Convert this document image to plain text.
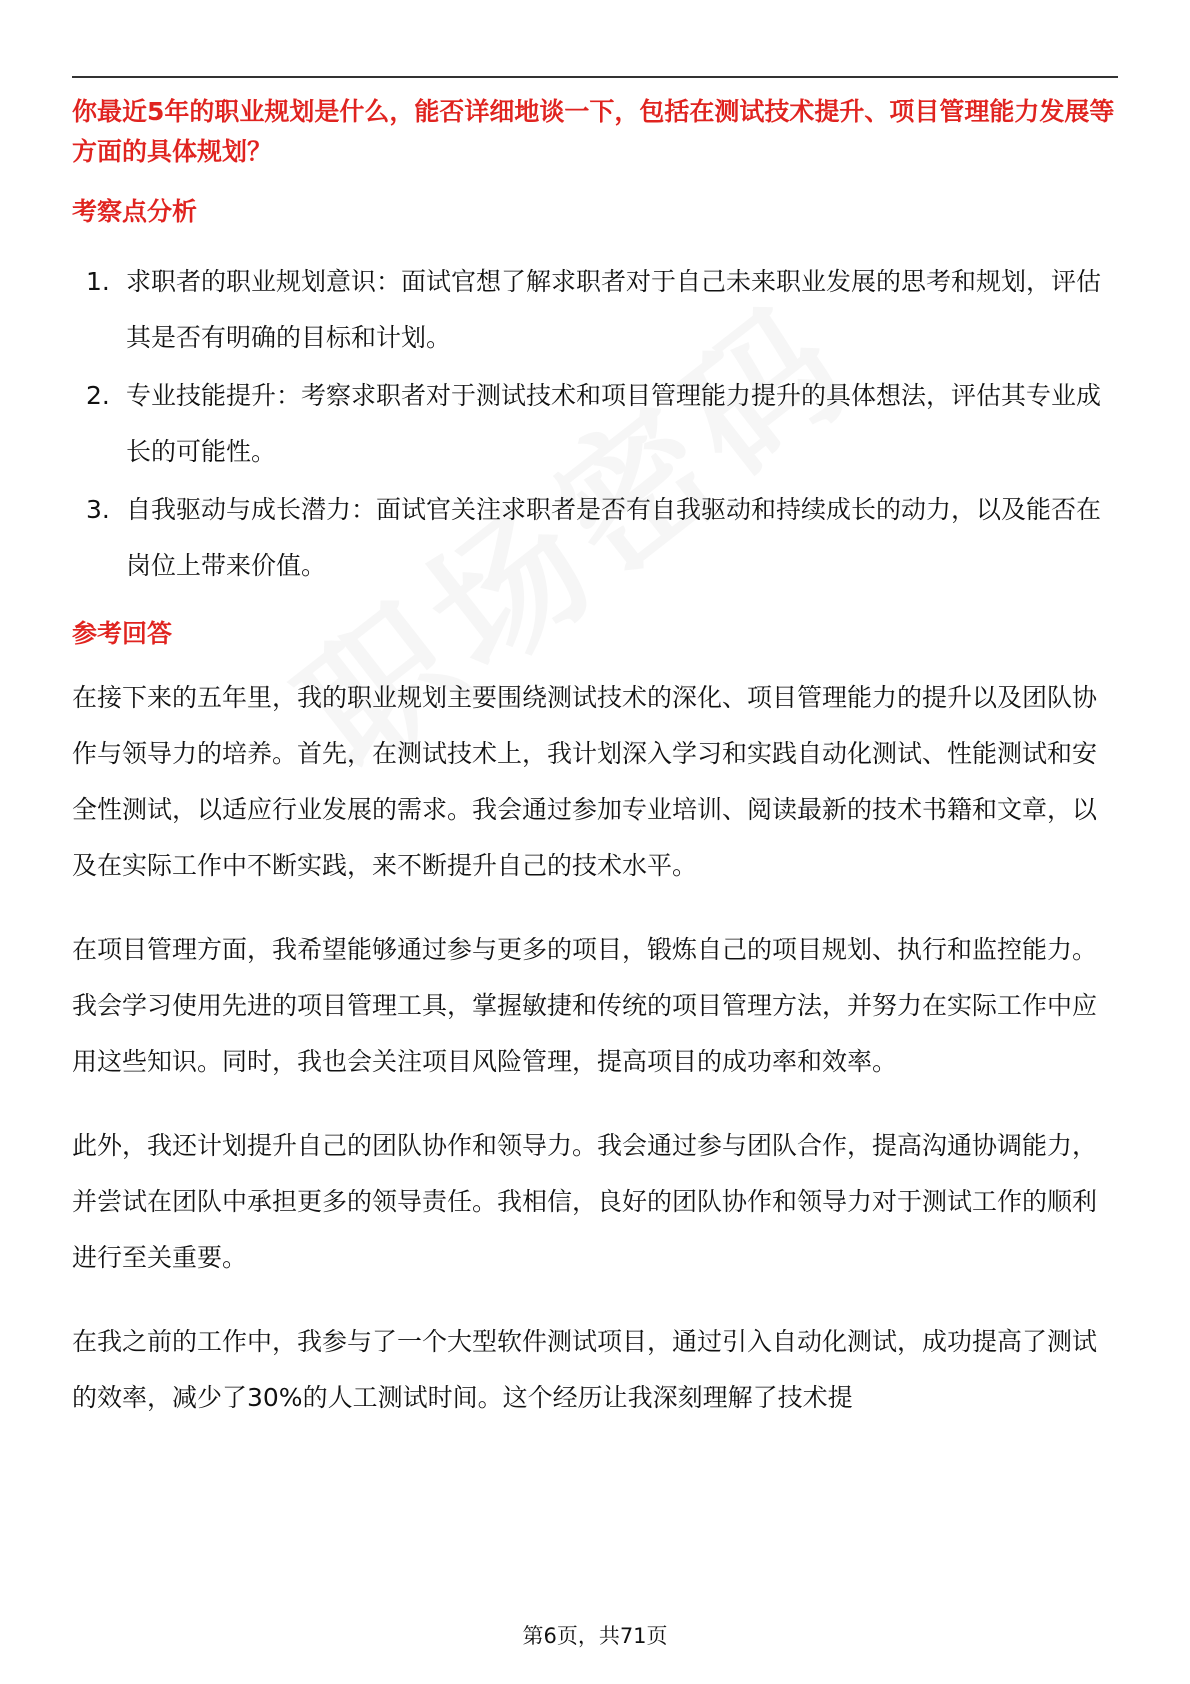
你最近5年的职业规划是什么，能否详细地谈一下，包括在测试技术提升、项目管理能力发展等方面的具体规划？

考察点分析
1. 求职者的职业规划意识：面试官想了解求职者对于自己未来职业发展的思考和规划，评估其是否有明确的目标和计划。
2. 专业技能提升：考察求职者对于测试技术和项目管理能力提升的具体想法，评估其专业成长的可能性。
3. 自我驱动与成长潜力：面试官关注求职者是否有自我驱动和持续成长的动力，以及能否在岗位上带来价值。
参考回答

在接下来的五年里，我的职业规划主要围绕测试技术的深化、项目管理能力的提升以及团队协作与领导力的培养。首先，在测试技术上，我计划深入学习和实践自动化测试、性能测试和安全性测试，以适应行业发展的需求。我会通过参加专业培训、阅读最新的技术书籍和文章，以及在实际工作中不断实践，来不断提升自己的技术水平。

在项目管理方面，我希望能够通过参与更多的项目，锻炼自己的项目规划、执行和监控能力。我会学习使用先进的项目管理工具，掌握敏捷和传统的项目管理方法，并努力在实际工作中应用这些知识。同时，我也会关注项目风险管理，提高项目的成功率和效率。

此外，我还计划提升自己的团队协作和领导力。我会通过参与团队合作，提高沟通协调能力，并尝试在团队中承担更多的领导责任。我相信，良好的团队协作和领导力对于测试工作的顺利进行至关重要。

在我之前的工作中，我参与了一个大型软件测试项目，通过引入自动化测试，成功提高了测试的效率，减少了30%的人工测试时间。这个经历让我深刻理解了技术提

第6页，共71页
